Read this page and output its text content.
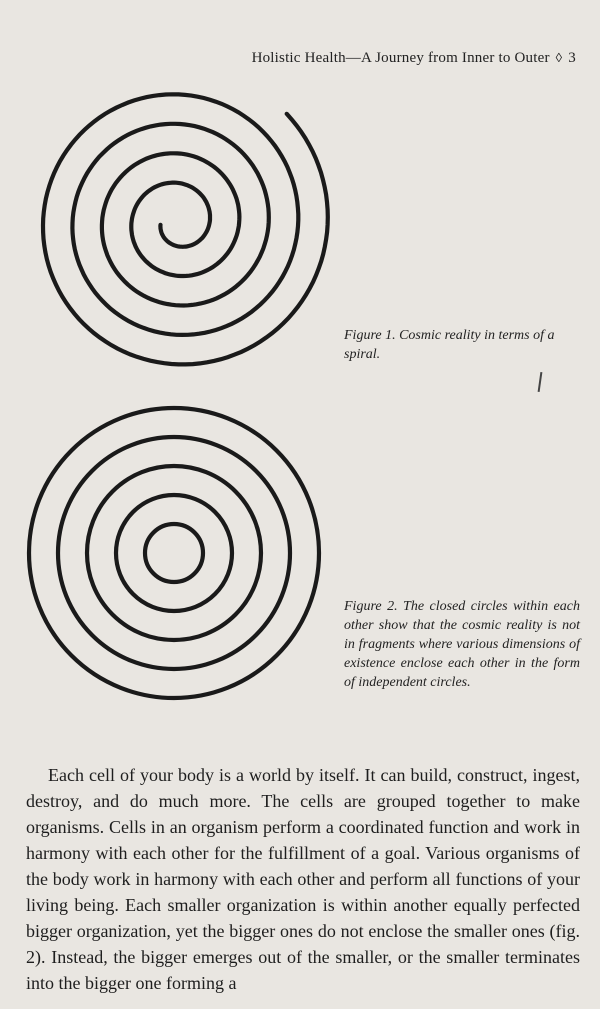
Holistic Health—A Journey from Inner to Outer ◊ 3
Figure 1. Cosmic reality in terms of a spiral.
Figure 2. The closed circles within each other show that the cosmic reality is not in fragments where various dimensions of existence enclose each other in the form of independent circles.

Each cell of your body is a world by itself. It can build, construct, ingest, destroy, and do much more. The cells are grouped together to make organisms. Cells in an organism perform a coordinated function and work in harmony with each other for the fulfillment of a goal. Various organisms of the body work in harmony with each other and perform all functions of your living being. Each smaller organization is within another equally perfected bigger organization, yet the bigger ones do not enclose the smaller ones (fig. 2). Instead, the bigger emerges out of the smaller, or the smaller terminates into the bigger one forming a
